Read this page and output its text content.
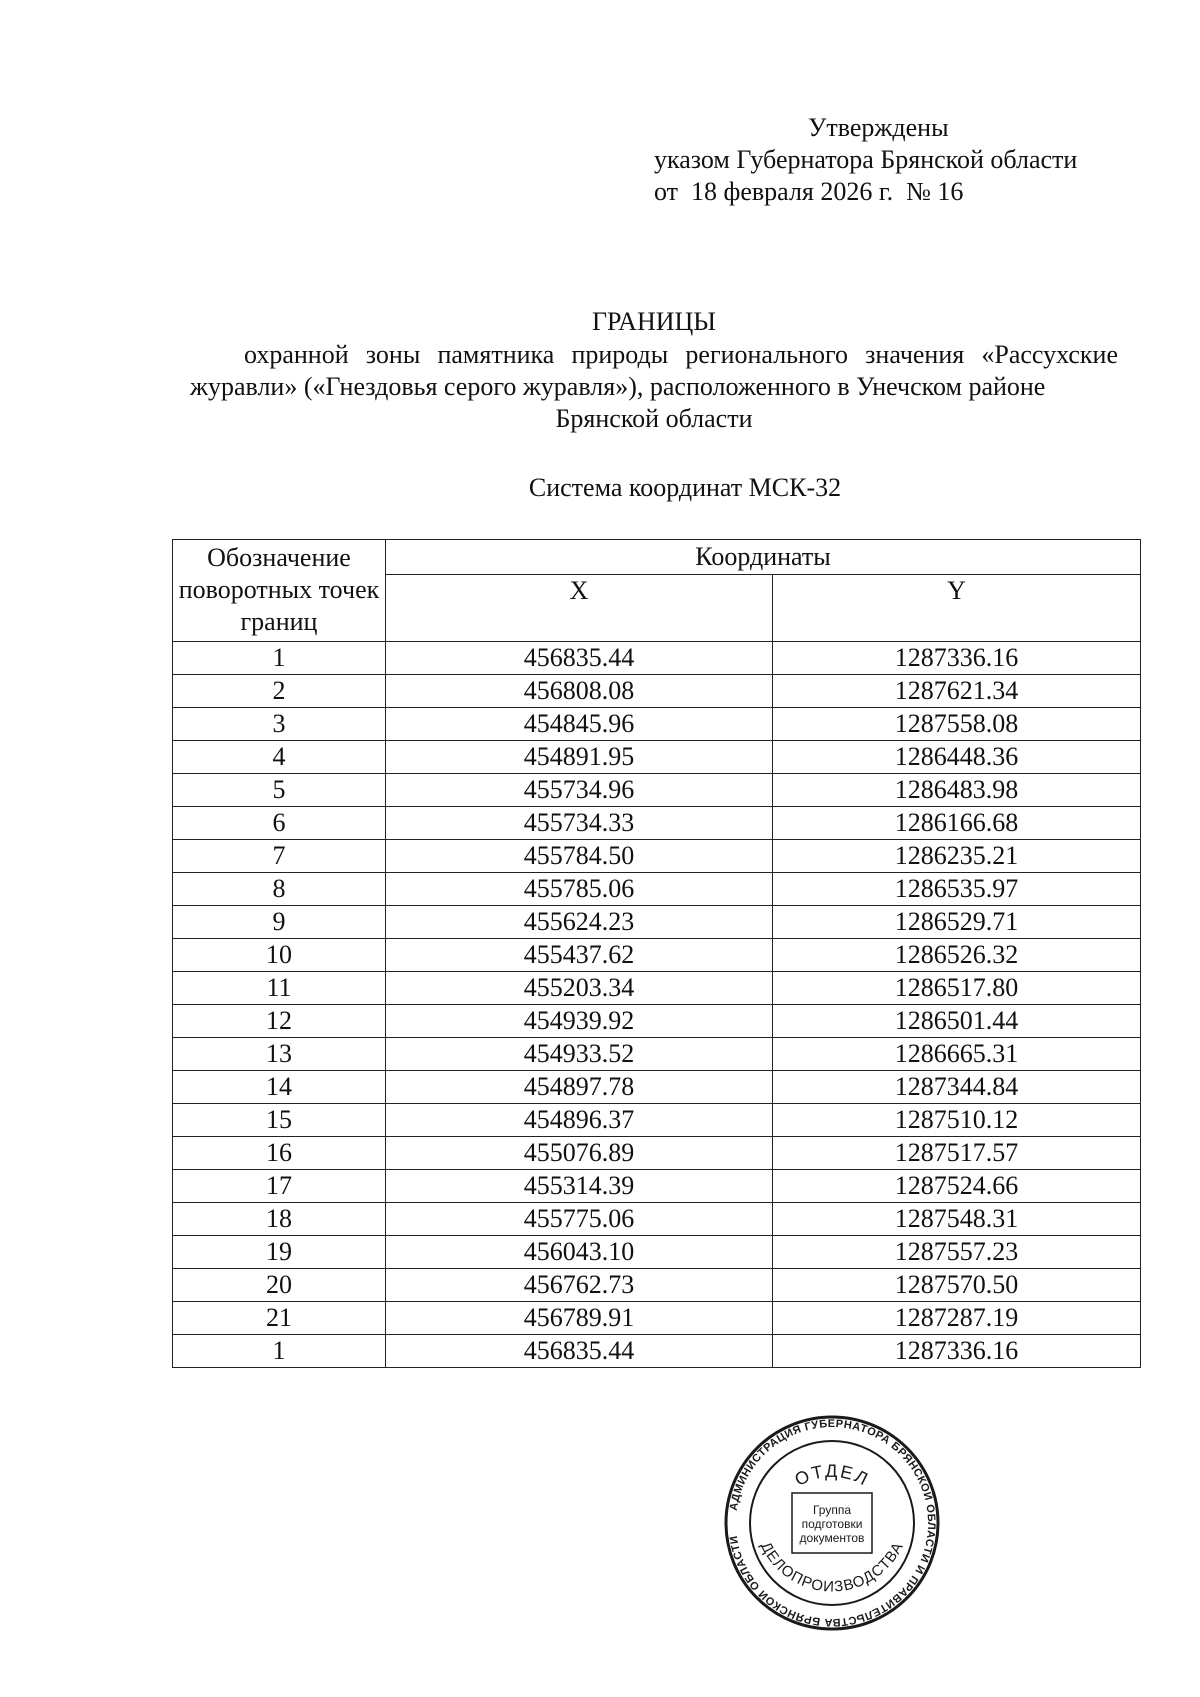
Утверждены
указом Губернатора Брянской области
от  18 февраля 2026 г.  № 16
ГРАНИЦЫ
охранной зоны памятника природы регионального значения «Рассухские журавли» («Гнездовья серого журавля»), расположенного в Унечском районе
Брянской области
Система координат МСК-32
Обозначение поворотных точек границ	Координаты	
	X	Y
1	456835.44	1287336.16
2	456808.08	1287621.34
3	454845.96	1287558.08
4	454891.95	1286448.36
5	455734.96	1286483.98
6	455734.33	1286166.68
7	455784.50	1286235.21
8	455785.06	1286535.97
9	455624.23	1286529.71
10	455437.62	1286526.32
11	455203.34	1286517.80
12	454939.92	1286501.44
13	454933.52	1286665.31
14	454897.78	1287344.84
15	454896.37	1287510.12
16	455076.89	1287517.57
17	455314.39	1287524.66
18	455775.06	1287548.31
19	456043.10	1287557.23
20	456762.73	1287570.50
21	456789.91	1287287.19
1	456835.44	1287336.16
АДМИНИСТРАЦИЯ ГУБЕРНАТОРА БРЯНСКОЙ ОБЛАСТИ И ПРАВИТЕЛЬСТВА БРЯНСКОЙ ОБЛАСТИ
ОТДЕЛ
ДЕЛОПРОИЗВОДСТВА
Группа
подготовки
документов
